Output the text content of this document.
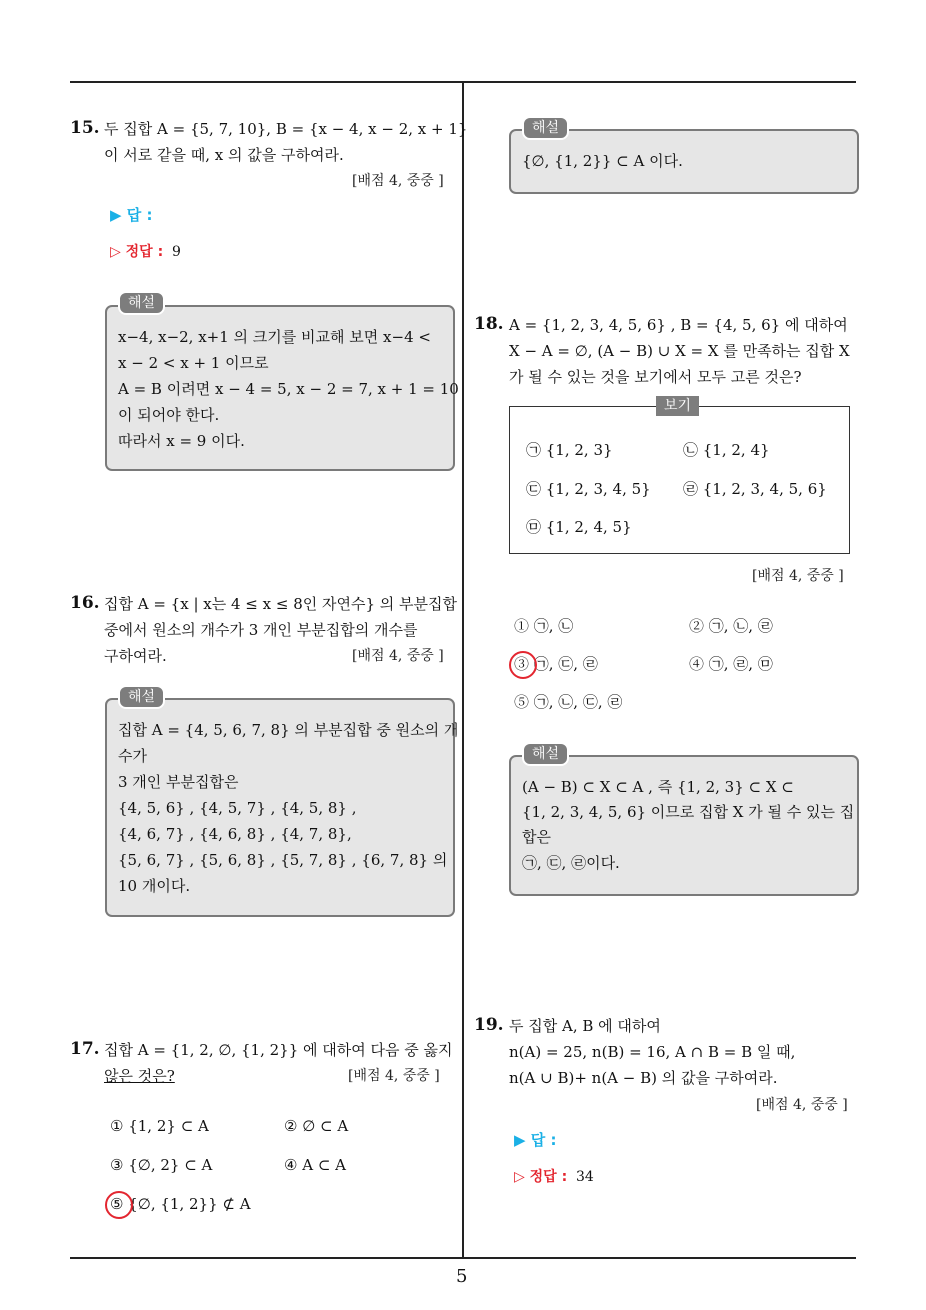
5
15. 두 집합 A = {5, 7, 10}, B = {x − 4, x − 2, x + 1}
이 서로 같을 때, x 의 값을 구하여라.
[배점 4, 중중 ]
▶ 답 :
▷ 정답 : 9
해설
x−4, x−2, x+1 의 크기를 비교해 보면 x−4 <
x − 2 < x + 1 이므로
A = B 이려면 x − 4 = 5, x − 2 = 7, x + 1 = 10
이 되어야 한다.
따라서 x = 9 이다.
16. 집합 A = {x | x는 4 ≤ x ≤ 8인 자연수} 의 부분집합
중에서 원소의 개수가 3 개인 부분집합의 개수를
구하여라.	[배점 4, 중중 ]
해설
집합 A = {4, 5, 6, 7, 8} 의 부분집합 중 원소의 개
수가
3 개인 부분집합은
{4, 5, 6} , {4, 5, 7} , {4, 5, 8} ,
{4, 6, 7} , {4, 6, 8} , {4, 7, 8},
{5, 6, 7} , {5, 6, 8} , {5, 7, 8} , {6, 7, 8} 의
10 개이다.
17. 집합 A = {1, 2, ∅, {1, 2}} 에 대하여 다음 중 옳지
않은 것은?	[배점 4, 중중 ]
① {1, 2} ⊂ A	② ∅ ⊂ A
③ {∅, 2} ⊂ A	④ A ⊂ A
⑤ {∅, {1, 2}} ⊄ A
해설
{∅, {1, 2}} ⊂ A 이다.
18. A = {1, 2, 3, 4, 5, 6} , B = {4, 5, 6} 에 대하여
X − A = ∅, (A − B) ∪ X = X 를 만족하는 집합 X
가 될 수 있는 것을 보기에서 모두 고른 것은?
보기
㉠ {1, 2, 3}	㉡ {1, 2, 4}
㉢ {1, 2, 3, 4, 5} ㉣ {1, 2, 3, 4, 5, 6}
㉤ {1, 2, 4, 5}
[배점 4, 중중 ]
① ㉠, ㉡	② ㉠, ㉡, ㉣
③ ㉠, ㉢, ㉣	④ ㉠, ㉣, ㉤
⑤ ㉠, ㉡, ㉢, ㉣
해설
(A − B) ⊂ X ⊂ A , 즉 {1, 2, 3} ⊂ X ⊂
{1, 2, 3, 4, 5, 6} 이므로 집합 X 가 될 수 있는 집
합은
㉠, ㉢, ㉣이다.
19. 두 집합 A, B 에 대하여
n(A) = 25, n(B) = 16, A ∩ B = B 일 때,
n(A ∪ B)+ n(A − B) 의 값을 구하여라.
[배점 4, 중중 ]
▶ 답 :
▷ 정답 : 34
